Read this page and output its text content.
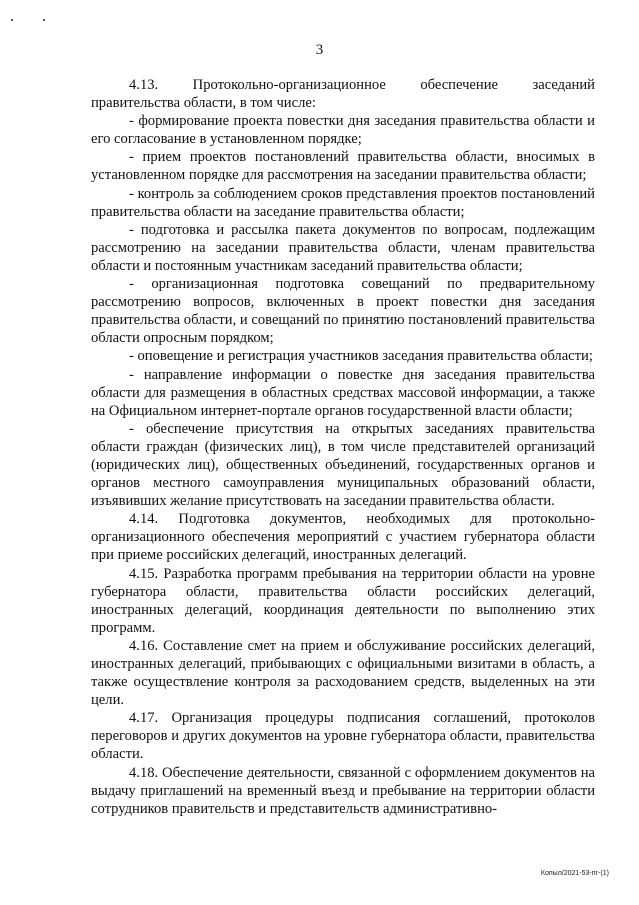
3

4.13. Протокольно-организационное обеспечение заседаний правительства области, в том числе:

- формирование проекта повестки дня заседания правительства области и его согласование в установленном порядке;

- прием проектов постановлений правительства области, вносимых в установленном порядке для рассмотрения на заседании правительства области;

- контроль за соблюдением сроков представления проектов постановлений правительства области на заседание правительства области;

- подготовка и рассылка пакета документов по вопросам, подлежащим рассмотрению на заседании правительства области, членам правительства области и постоянным участникам заседаний правительства области;

- организационная подготовка совещаний по предварительному рассмотрению вопросов, включенных в проект повестки дня заседания правительства области, и совещаний по принятию постановлений правительства области опросным порядком;

- оповещение и регистрация участников заседания правительства области;

- направление информации о повестке дня заседания правительства области для размещения в областных средствах массовой информации, а также на Официальном интернет-портале органов государственной власти области;

- обеспечение присутствия на открытых заседаниях правительства области граждан (физических лиц), в том числе представителей организаций (юридических лиц), общественных объединений, государственных органов и органов местного самоуправления муниципальных образований области, изъявивших желание присутствовать на заседании правительства области.

4.14. Подготовка документов, необходимых для протокольно-организационного обеспечения мероприятий с участием губернатора области при приеме российских делегаций, иностранных делегаций.

4.15. Разработка программ пребывания на территории области на уровне губернатора области, правительства области российских делегаций, иностранных делегаций, координация деятельности по выполнению этих программ.

4.16. Составление смет на прием и обслуживание российских делегаций, иностранных делегаций, прибывающих с официальными визитами в область, а также осуществление контроля за расходованием средств, выделенных на эти цели.

4.17. Организация процедуры подписания соглашений, протоколов переговоров и других документов на уровне губернатора области, правительства области.

4.18. Обеспечение деятельности, связанной с оформлением документов на выдачу приглашений на временный въезд и пребывание на территории области сотрудников правительств и представительств административно-

Копыл/2021-53-пг-(1)
